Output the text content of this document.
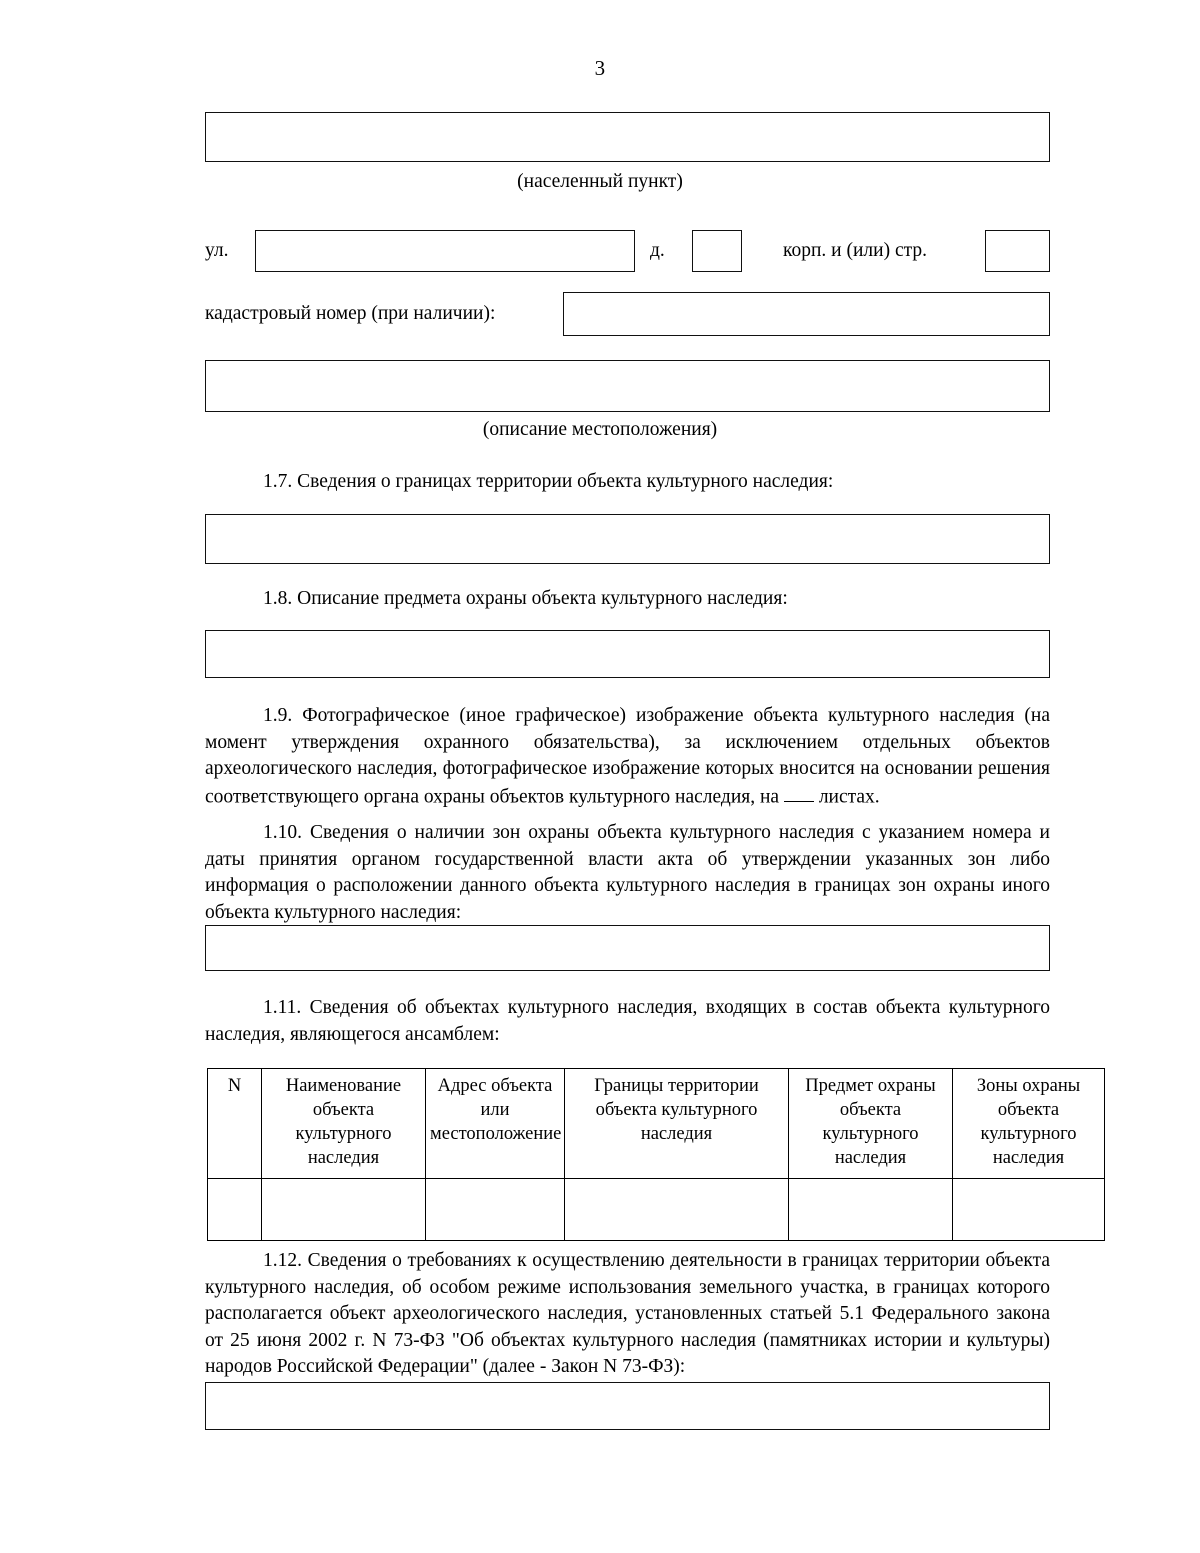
3
(населенный пункт)
ул.	д.	корп. и (или) стр.
кадастровый номер (при наличии):
(описание местоположения)
1.7. Сведения о границах территории объекта культурного наследия:
1.8. Описание предмета охраны объекта культурного наследия:
1.9. Фотографическое (иное графическое) изображение объекта культурного наследия (на момент утверждения охранного обязательства), за исключением отдельных объектов археологического наследия, фотографическое изображение которых вносится на основании решения соответствующего органа охраны объектов культурного наследия, на  листах.
1.10. Сведения о наличии зон охраны объекта культурного наследия с указанием номера и даты принятия органом государственной власти акта об утверждении указанных зон либо информация о расположении данного объекта культурного наследия в границах зон охраны иного объекта культурного наследия:
1.11. Сведения об объектах культурного наследия, входящих в состав объекта культурного наследия, являющегося ансамблем:
N	Наименование объекта культурного наследия	Адрес объекта или местоположение	Границы территории объекта культурного наследия	Предмет охраны объекта культурного наследия	Зоны охраны объекта культурного наследия

1.12. Сведения о требованиях к осуществлению деятельности в границах территории объекта культурного наследия, об особом режиме использования земельного участка, в границах которого располагается объект археологического наследия, установленных статьей 5.1 Федерального закона от 25 июня 2002 г. N 73-ФЗ "Об объектах культурного наследия (памятниках истории и культуры) народов Российской Федерации" (далее - Закон N 73-ФЗ):
